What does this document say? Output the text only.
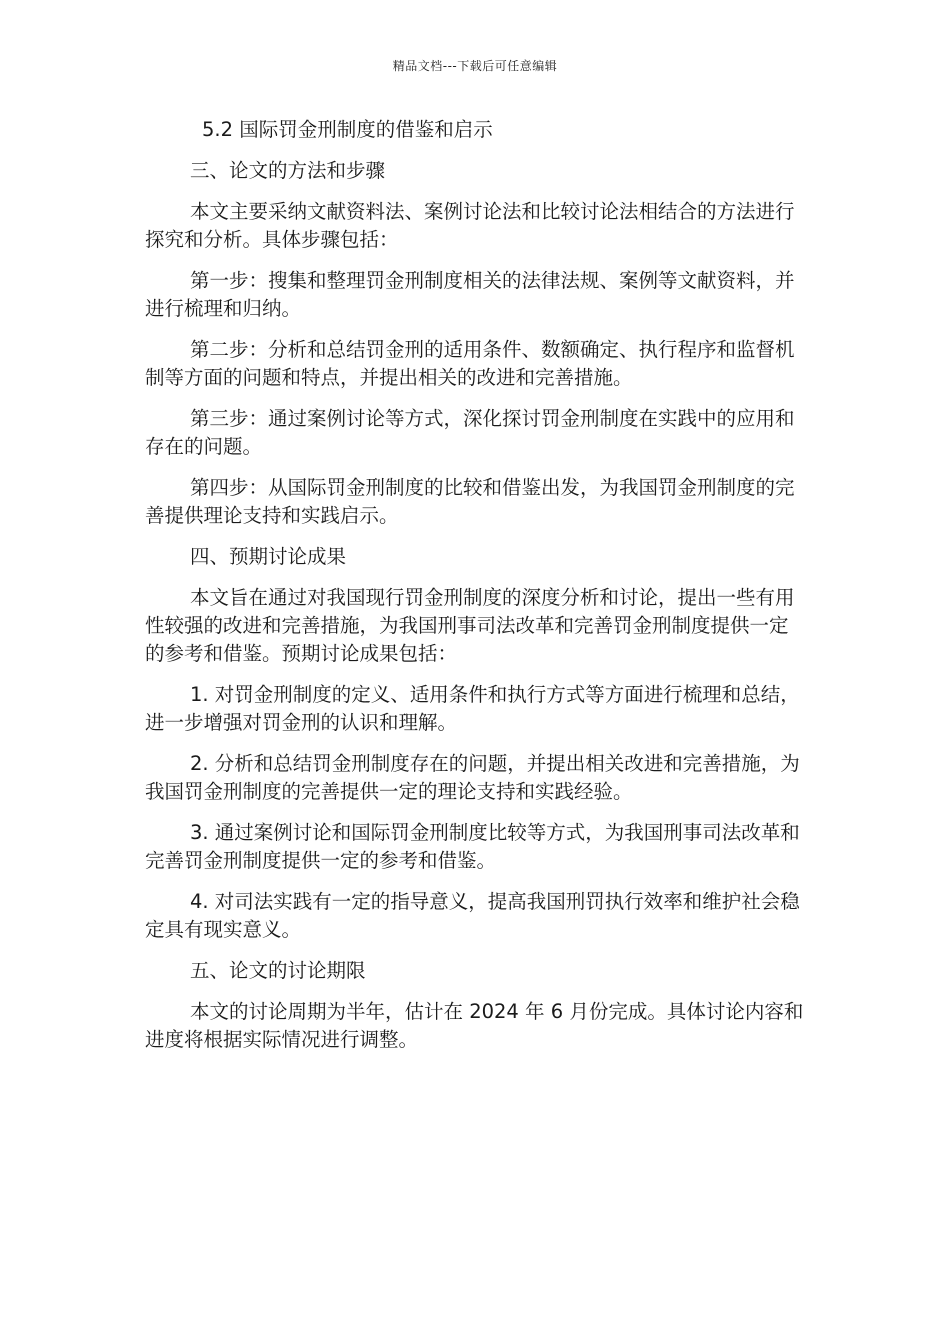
精品文档---下载后可任意编辑

5.2 国际罚金刑制度的借鉴和启示

三、论文的方法和步骤

本文主要采纳文献资料法、案例讨论法和比较讨论法相结合的方法进行探究和分析。具体步骤包括：

第一步：搜集和整理罚金刑制度相关的法律法规、案例等文献资料，并进行梳理和归纳。

第二步：分析和总结罚金刑的适用条件、数额确定、执行程序和监督机制等方面的问题和特点，并提出相关的改进和完善措施。

第三步：通过案例讨论等方式，深化探讨罚金刑制度在实践中的应用和存在的问题。

第四步：从国际罚金刑制度的比较和借鉴出发，为我国罚金刑制度的完善提供理论支持和实践启示。

四、预期讨论成果

本文旨在通过对我国现行罚金刑制度的深度分析和讨论，提出一些有用性较强的改进和完善措施，为我国刑事司法改革和完善罚金刑制度提供一定的参考和借鉴。预期讨论成果包括：

1. 对罚金刑制度的定义、适用条件和执行方式等方面进行梳理和总结，进一步增强对罚金刑的认识和理解。

2. 分析和总结罚金刑制度存在的问题，并提出相关改进和完善措施，为我国罚金刑制度的完善提供一定的理论支持和实践经验。

3. 通过案例讨论和国际罚金刑制度比较等方式，为我国刑事司法改革和完善罚金刑制度提供一定的参考和借鉴。

4. 对司法实践有一定的指导意义，提高我国刑罚执行效率和维护社会稳定具有现实意义。

五、论文的讨论期限

本文的讨论周期为半年，估计在 2024 年 6 月份完成。具体讨论内容和进度将根据实际情况进行调整。
